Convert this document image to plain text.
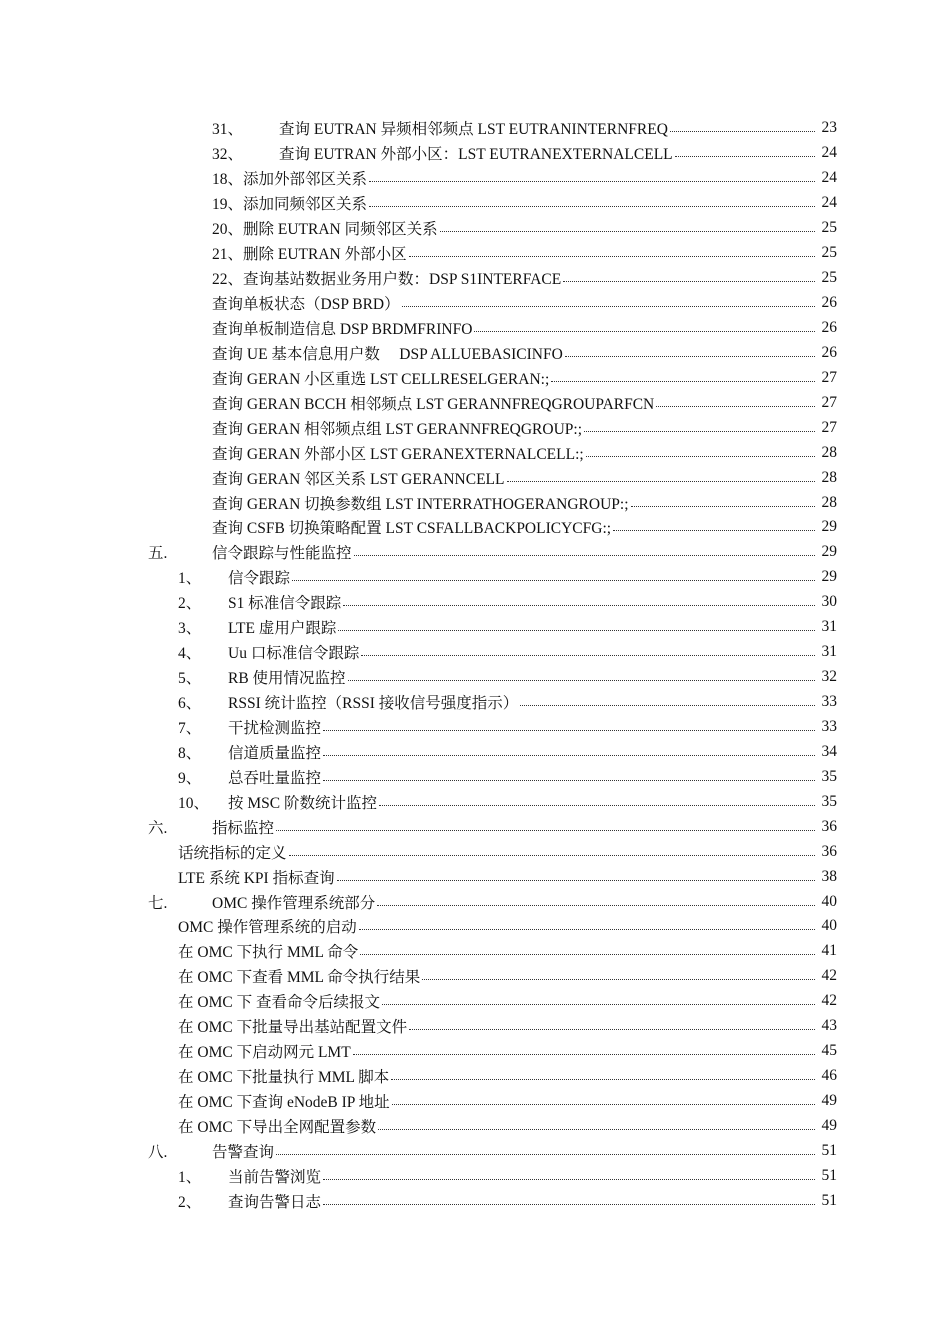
31、 查询 EUTRAN 异频相邻频点 LST EUTRANINTERNFREQ	23
32、 查询 EUTRAN 外部小区：LST EUTRANEXTERNALCELL	24
18、添加外部邻区关系	24
19、添加同频邻区关系	24
20、删除 EUTRAN 同频邻区关系	25
21、删除 EUTRAN 外部小区	25
22、查询基站数据业务用户数：DSP S1INTERFACE	25
查询单板状态（DSP BRD）	26
查询单板制造信息 DSP BRDMFRINFO	26
查询 UE 基本信息用户数　 DSP ALLUEBASICINFO	26
查询 GERAN 小区重选 LST CELLRESELGERAN:;	27
查询 GERAN BCCH 相邻频点 LST GERANNFREQGROUPARFCN	27
查询 GERAN 相邻频点组 LST GERANNFREQGROUP:;	27
查询 GERAN 外部小区 LST GERANEXTERNALCELL:;	28
查询 GERAN 邻区关系 LST GERANNCELL	28
查询 GERAN 切换参数组 LST INTERRATHOGERANGROUP:;	28
查询 CSFB 切换策略配置 LST CSFALLBACKPOLICYCFG:;	29
五.	信令跟踪与性能监控	29
1、 信令跟踪	29
2、 S1 标准信令跟踪	30
3、 LTE 虚用户跟踪	31
4、 Uu 口标准信令跟踪	31
5、 RB 使用情况监控	32
6、 RSSI 统计监控（RSSI 接收信号强度指示）	33
7、 干扰检测监控	33
8、 信道质量监控	34
9、 总吞吐量监控	35
10、 按 MSC 阶数统计监控	35
六.	指标监控	36
话统指标的定义	36
LTE 系统 KPI 指标查询	38
七.	OMC 操作管理系统部分	40
OMC 操作管理系统的启动	40
在 OMC 下执行 MML 命令	41
在 OMC 下查看 MML 命令执行结果	42
在 OMC 下 查看命令后续报文	42
在 OMC 下批量导出基站配置文件	43
在 OMC 下启动网元 LMT	45
在 OMC 下批量执行 MML 脚本	46
在 OMC 下查询 eNodeB IP 地址	49
在 OMC 下导出全网配置参数	49
八.	告警查询	51
1、 当前告警浏览	51
2、 查询告警日志	51
